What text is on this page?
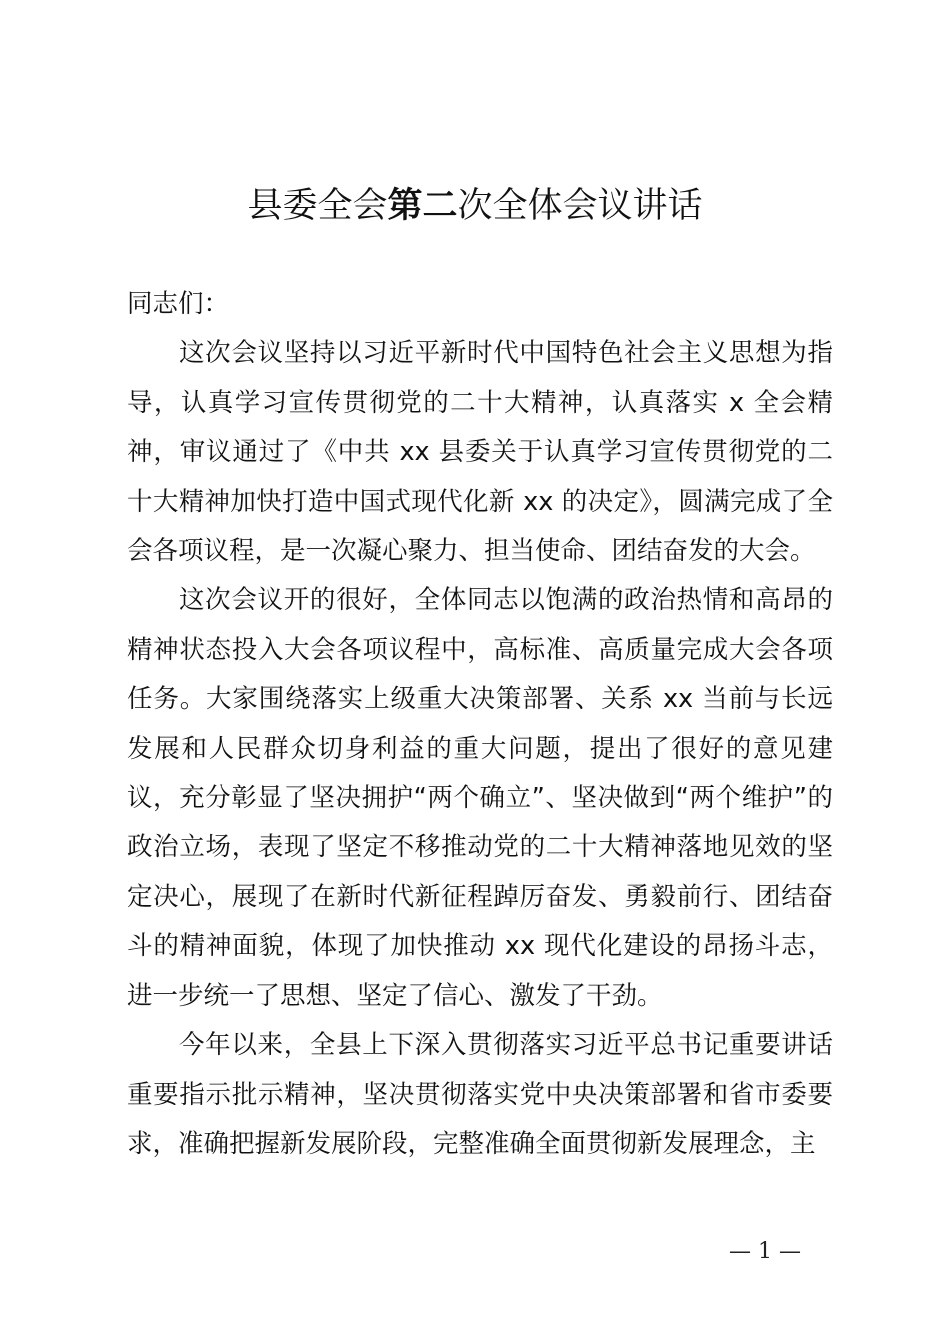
县委全会第二次全体会议讲话

同志们：

这次会议坚持以习近平新时代中国特色社会主义思想为指导，认真学习宣传贯彻党的二十大精神，认真落实 x 全会精神，审议通过了《中共 xx 县委关于认真学习宣传贯彻党的二十大精神加快打造中国式现代化新 xx 的决定》，圆满完成了全会各项议程，是一次凝心聚力、担当使命、团结奋发的大会。

这次会议开的很好，全体同志以饱满的政治热情和高昂的精神状态投入大会各项议程中，高标准、高质量完成大会各项任务。大家围绕落实上级重大决策部署、关系 xx 当前与长远发展和人民群众切身利益的重大问题，提出了很好的意见建议，充分彰显了坚决拥护“两个确立”、坚决做到“两个维护”的政治立场，表现了坚定不移推动党的二十大精神落地见效的坚定决心，展现了在新时代新征程踔厉奋发、勇毅前行、团结奋斗的精神面貌，体现了加快推动 xx 现代化建设的昂扬斗志，进一步统一了思想、坚定了信心、激发了干劲。

今年以来，全县上下深入贯彻落实习近平总书记重要讲话重要指示批示精神，坚决贯彻落实党中央决策部署和省市委要求，准确把握新发展阶段，完整准确全面贯彻新发展理念，主

— 1 —
